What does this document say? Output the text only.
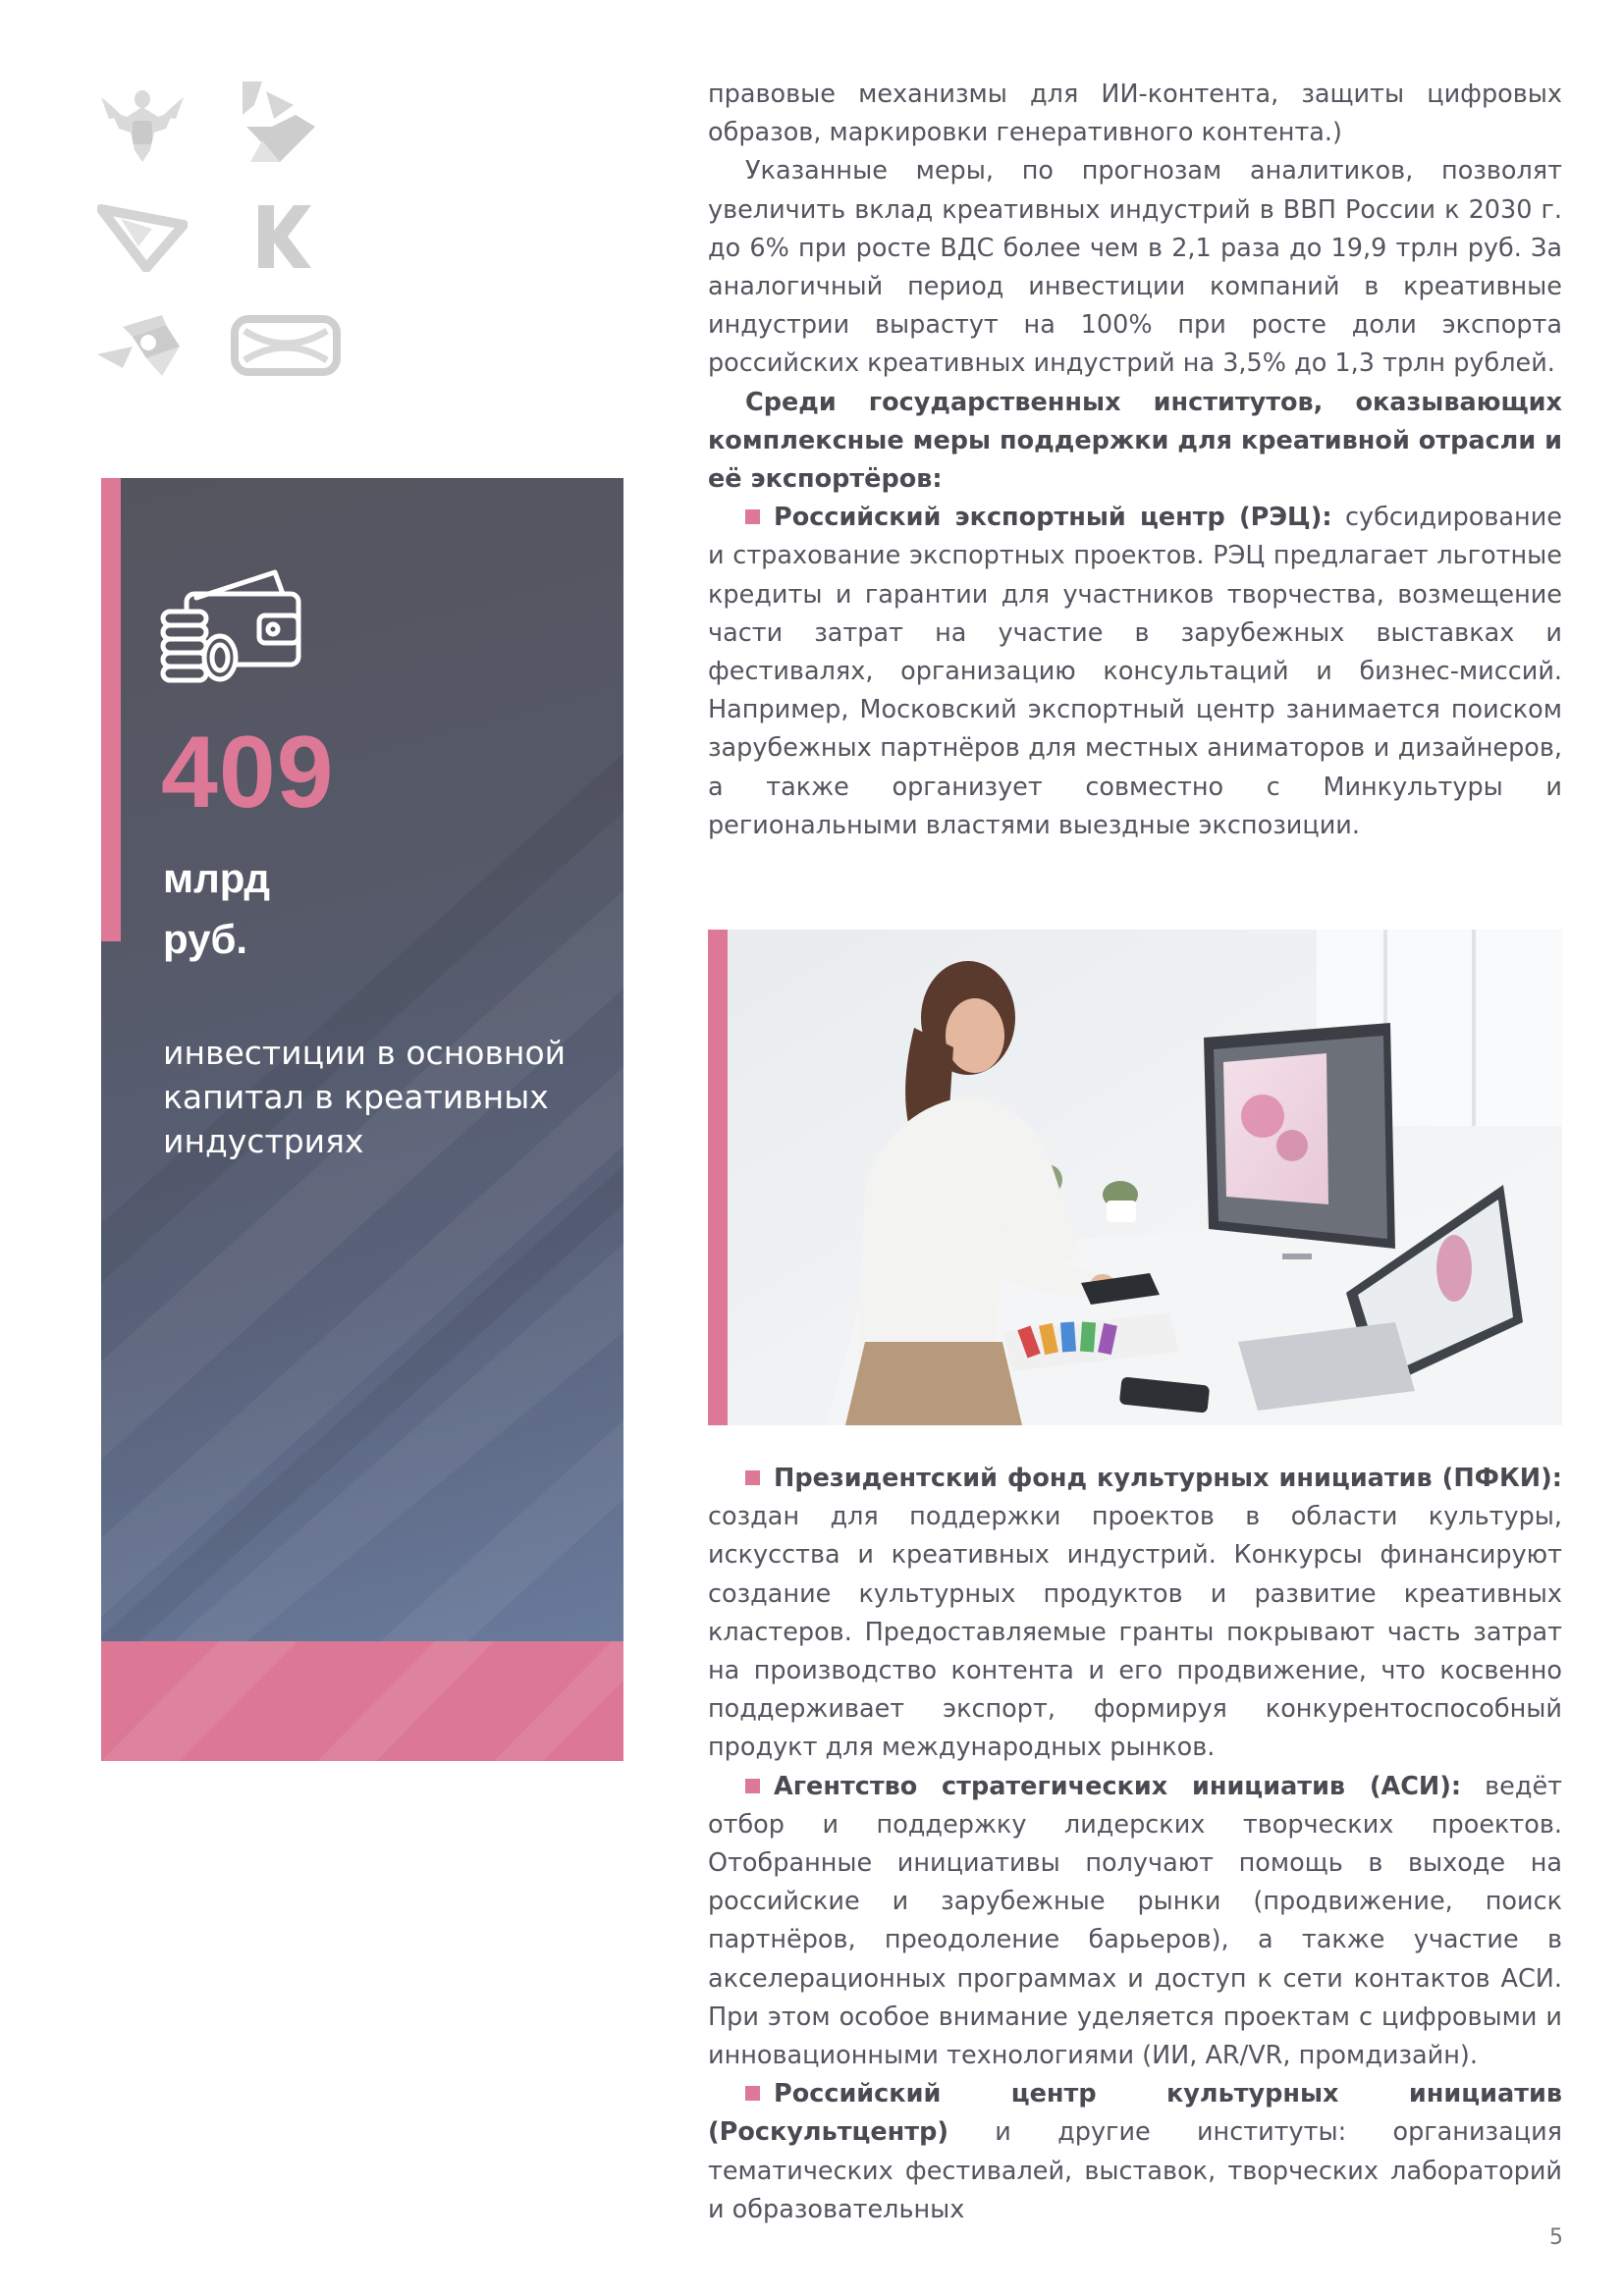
409
млрд
руб.
инвестиции в основной капитал в креативных индустриях

правовые механизмы для ИИ-контента, защиты цифровых образов, маркировки генеративного контента.)

Указанные меры, по прогнозам аналитиков, позволят увеличить вклад креативных индустрий в ВВП России к 2030 г. до 6% при росте ВДС более чем в 2,1 раза до 19,9 трлн руб. За аналогичный период инвестиции компаний в креативные индустрии вырастут на 100% при росте доли экспорта российских креативных индустрий на 3,5% до 1,3 трлн рублей.

Среди государственных институтов, оказывающих комплексные меры поддержки для креативной отрасли и её экспортёров:

Российский экспортный центр (РЭЦ): субсидирование и страхование экспортных проектов. РЭЦ предлагает льготные кредиты и гарантии для участников творчества, возмещение части затрат на участие в зарубежных выставках и фестивалях, организацию консультаций и бизнес-миссий. Например, Московский экспортный центр занимается поиском зарубежных партнёров для местных аниматоров и дизайнеров, а также организует совместно с Минкультуры и региональными властями выездные экспозиции.

Президентский фонд культурных инициатив (ПФКИ): создан для поддержки проектов в области культуры, искусства и креативных индустрий. Конкурсы финансируют создание культурных продуктов и развитие креативных кластеров. Предоставляемые гранты покрывают часть затрат на производство контента и его продвижение, что косвенно поддерживает экспорт, формируя конкурентоспособный продукт для международных рынков.

Агентство стратегических инициатив (АСИ): ведёт отбор и поддержку лидерских творческих проектов. Отобранные инициативы получают помощь в выходе на российские и зарубежные рынки (продвижение, поиск партнёров, преодоление барьеров), а также участие в акселерационных программах и доступ к сети контактов АСИ. При этом особое внимание уделяется проектам с цифровыми и инновационными технологиями (ИИ, AR/VR, промдизайн).

Российский центр культурных инициатив (Роскультцентр) и другие институты: организация тематических фестивалей, выставок, творческих лабораторий и образовательных

5
